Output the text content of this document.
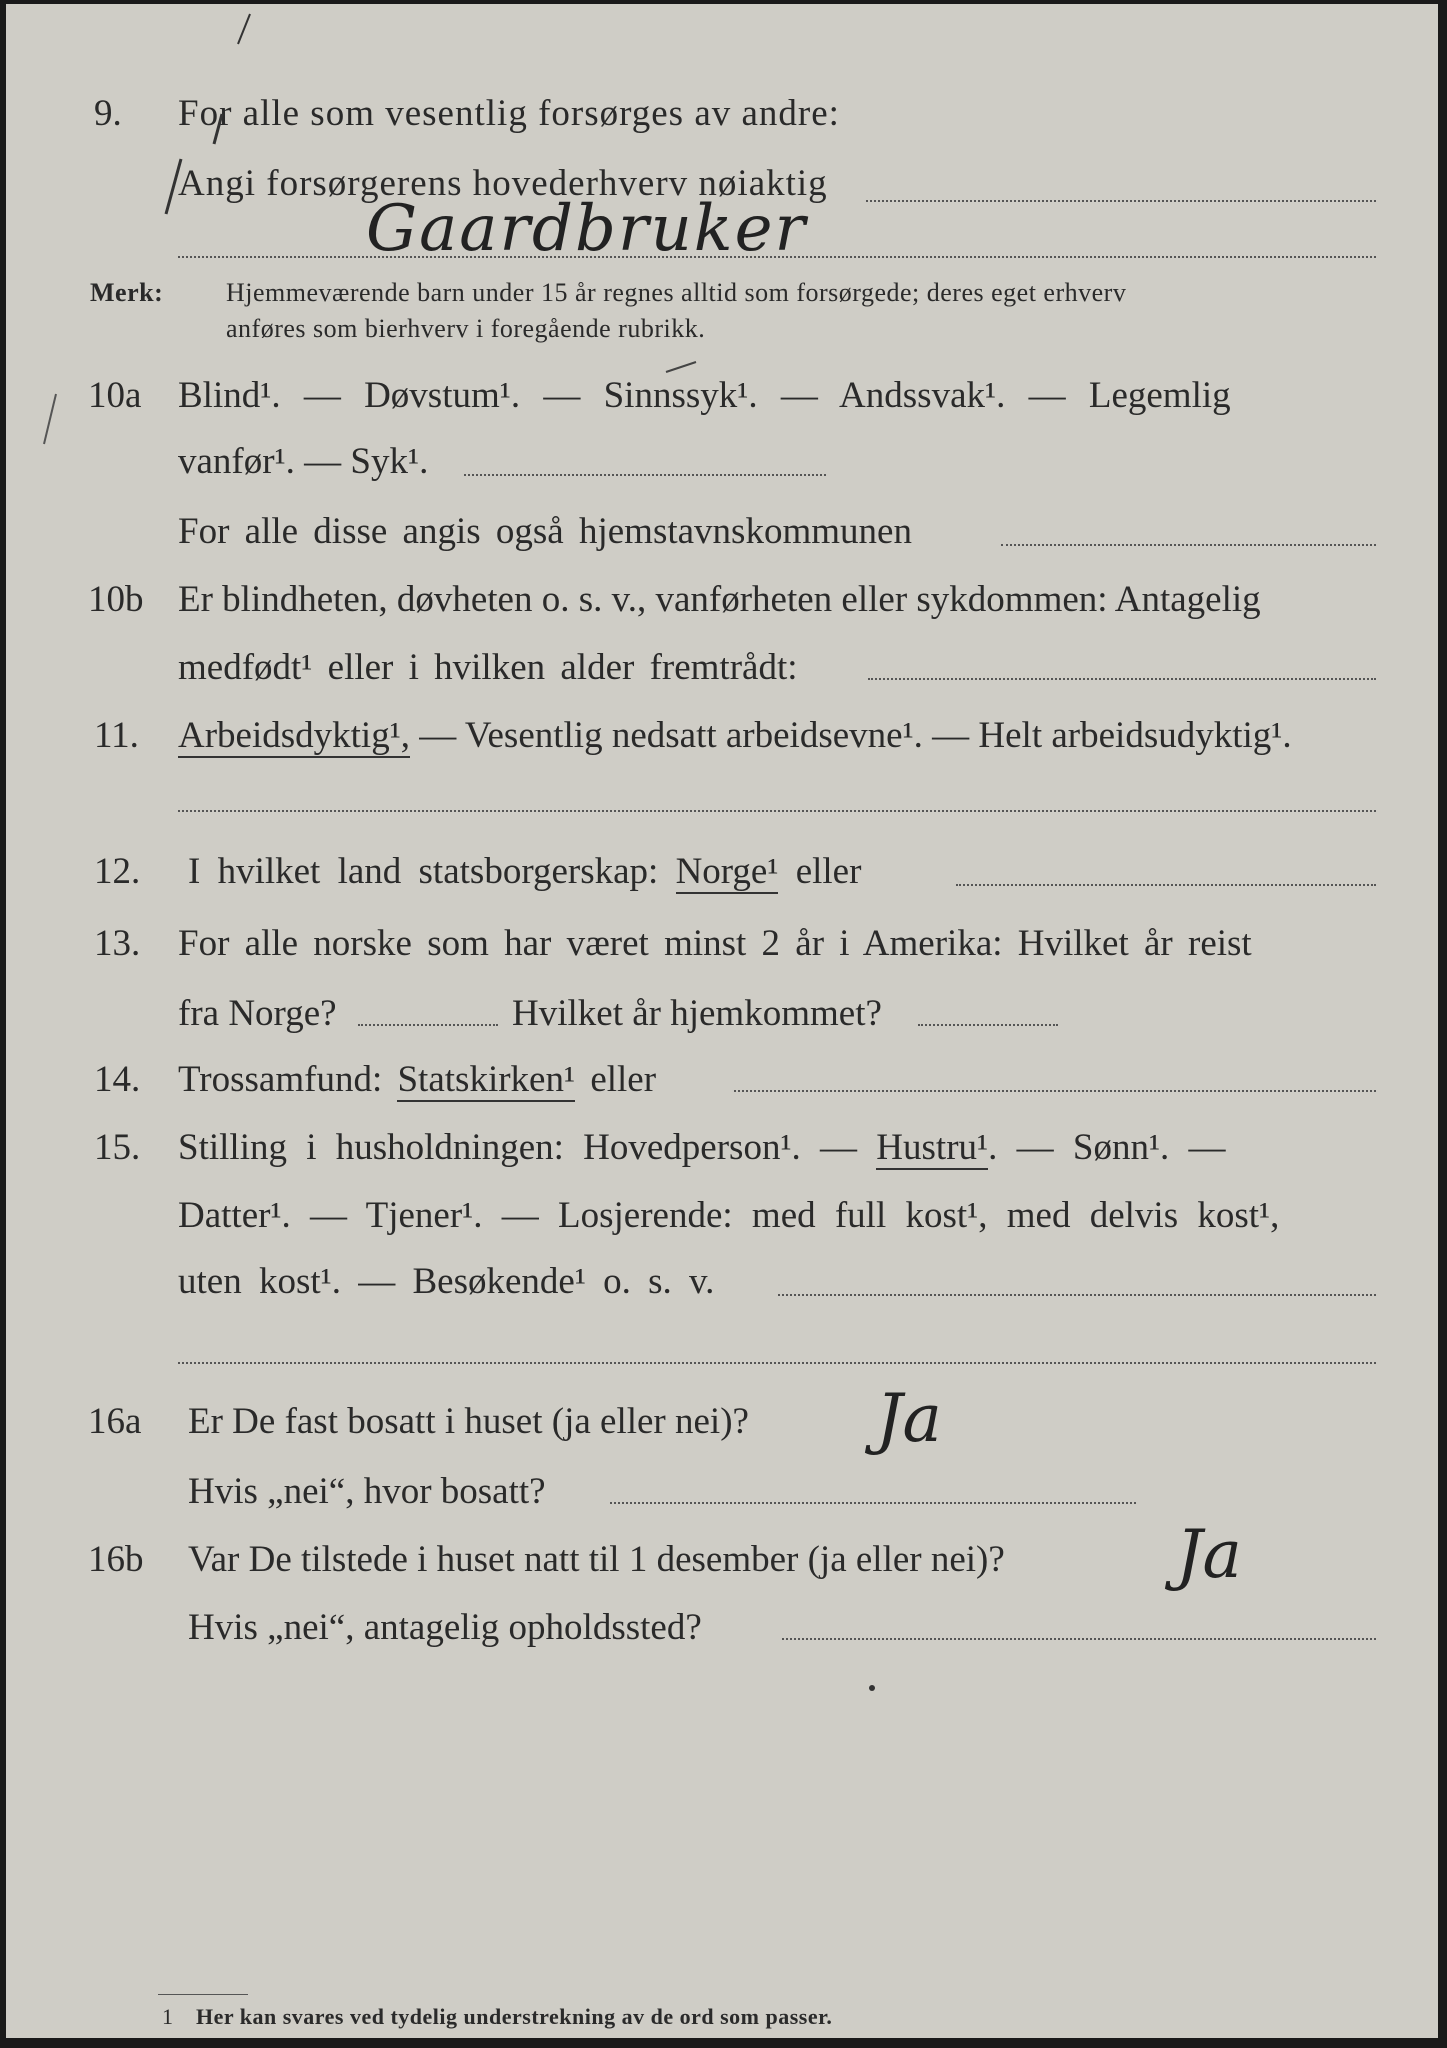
9. For alle som vesentlig forsørges av andre:
Angi forsørgerens hovederhverv nøiaktig
Gaardbruker
Merk: Hjemmeværende barn under 15 år regnes alltid som forsørgede; deres eget erhverv
anføres som bierhverv i foregående rubrikk.
10a Blind¹. — Døvstum¹. — Sinnssyk¹. — Andssvak¹. — Legemlig
vanfør¹. — Syk¹.
For alle disse angis også hjemstavnskommunen
10b Er blindheten, døvheten o. s. v., vanførheten eller sykdommen: Antagelig
medfødt¹ eller i hvilken alder fremtrådt:
11. Arbeidsdyktig¹, — Vesentlig nedsatt arbeidsevne¹. — Helt arbeidsudyktig¹.
12. I hvilket land statsborgerskap: Norge¹ eller
13. For alle norske som har været minst 2 år i Amerika: Hvilket år reist
fra Norge?	Hvilket år hjemkommet?
14. Trossamfund: Statskirken¹ eller
15. Stilling i husholdningen: Hovedperson¹. — Hustru¹. — Sønn¹. —
Datter¹. — Tjener¹. — Losjerende: med full kost¹, med delvis kost¹,
uten kost¹. — Besøkende¹ o. s. v.
16a Er De fast bosatt i huset (ja eller nei)? Ja
Hvis „nei“, hvor bosatt?
16b Var De tilstede i huset natt til 1 desember (ja eller nei)?	Ja
Hvis „nei“, antagelig opholdssted?
1 Her kan svares ved tydelig understrekning av de ord som passer.
